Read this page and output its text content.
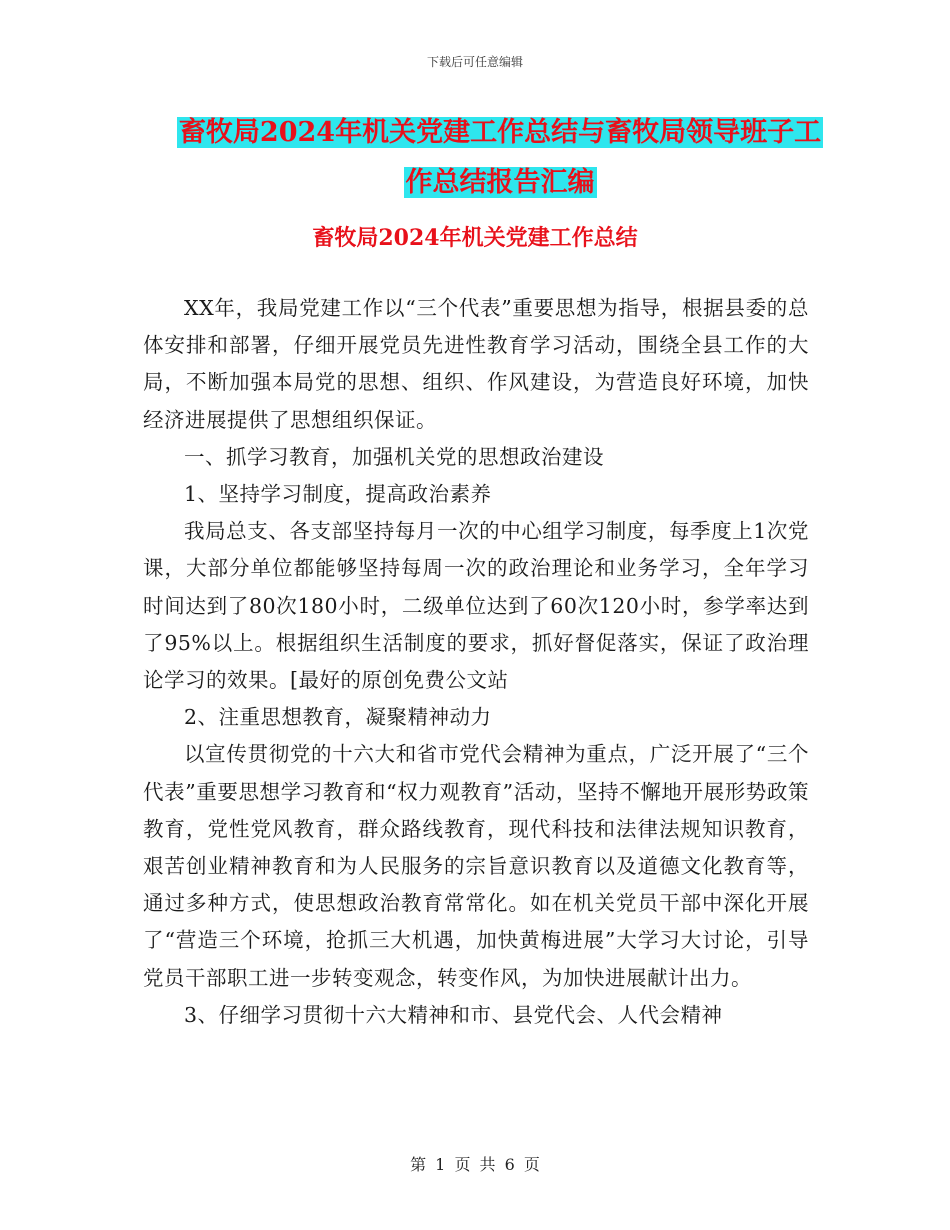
下载后可任意编辑
畜牧局2024年机关党建工作总结与畜牧局领导班子工
作总结报告汇编
畜牧局2024年机关党建工作总结

XX年，我局党建工作以“三个代表”重要思想为指导，根据县委的总体安排和部署，仔细开展党员先进性教育学习活动，围绕全县工作的大局，不断加强本局党的思想、组织、作风建设，为营造良好环境，加快经济进展提供了思想组织保证。

一、抓学习教育，加强机关党的思想政治建设

1、坚持学习制度，提高政治素养

我局总支、各支部坚持每月一次的中心组学习制度，每季度上1次党课，大部分单位都能够坚持每周一次的政治理论和业务学习，全年学习时间达到了80次180小时，二级单位达到了60次120小时，参学率达到了95%以上。根据组织生活制度的要求，抓好督促落实，保证了政治理论学习的效果。[最好的原创免费公文站

2、注重思想教育，凝聚精神动力

以宣传贯彻党的十六大和省市党代会精神为重点，广泛开展了“三个代表”重要思想学习教育和“权力观教育”活动，坚持不懈地开展形势政策教育，党性党风教育，群众路线教育，现代科技和法律法规知识教育，艰苦创业精神教育和为人民服务的宗旨意识教育以及道德文化教育等，通过多种方式，使思想政治教育常常化。如在机关党员干部中深化开展了“营造三个环境，抢抓三大机遇，加快黄梅进展”大学习大讨论，引导党员干部职工进一步转变观念，转变作风，为加快进展献计出力。

3、仔细学习贯彻十六大精神和市、县党代会、人代会精神

第 1 页 共 6 页
